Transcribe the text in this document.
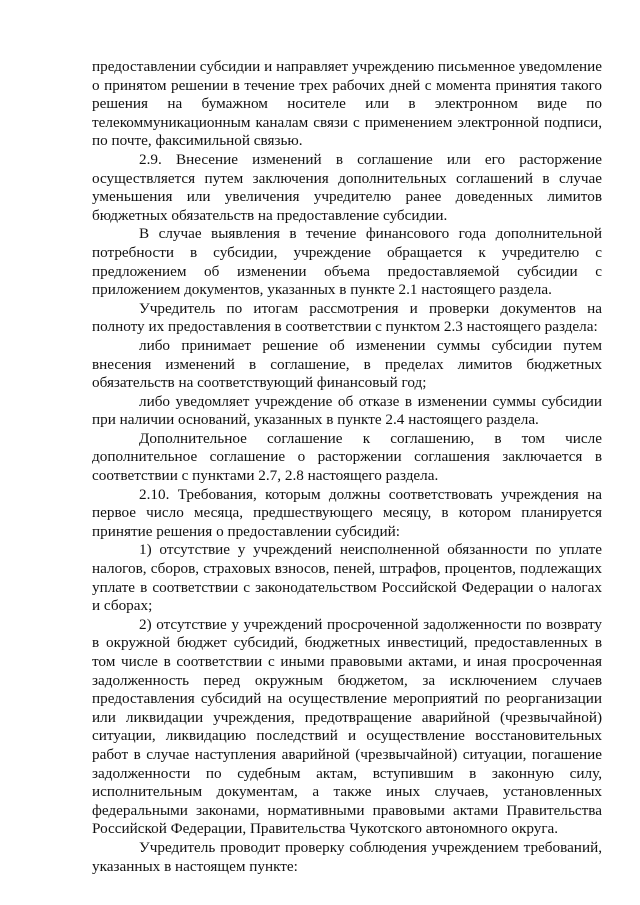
предоставлении субсидии и направляет учреждению письменное уведомление о принятом решении в течение трех рабочих дней с момента принятия такого решения на бумажном носителе или в электронном виде по телекоммуникационным каналам связи с применением электронной подписи, по почте, факсимильной связью.

2.9. Внесение изменений в соглашение или его расторжение осуществляется путем заключения дополнительных соглашений в случае уменьшения или увеличения учредителю ранее доведенных лимитов бюджетных обязательств на предоставление субсидии.

В случае выявления в течение финансового года дополнительной потребности в субсидии, учреждение обращается к учредителю с предложением об изменении объема предоставляемой субсидии с приложением документов, указанных в пункте 2.1 настоящего раздела.

Учредитель по итогам рассмотрения и проверки документов на полноту их предоставления в соответствии с пунктом 2.3 настоящего раздела:

либо принимает решение об изменении суммы субсидии путем внесения изменений в соглашение, в пределах лимитов бюджетных обязательств на соответствующий финансовый год;

либо уведомляет учреждение об отказе в изменении суммы субсидии при наличии оснований, указанных в пункте 2.4 настоящего раздела.

Дополнительное соглашение к соглашению, в том числе дополнительное соглашение о расторжении соглашения заключается в соответствии с пунктами 2.7, 2.8 настоящего раздела.

2.10. Требования, которым должны соответствовать учреждения на первое число месяца, предшествующего месяцу, в котором планируется принятие решения о предоставлении субсидий:

1) отсутствие у учреждений неисполненной обязанности по уплате налогов, сборов, страховых взносов, пеней, штрафов, процентов, подлежащих уплате в соответствии с законодательством Российской Федерации о налогах и сборах;

2) отсутствие у учреждений просроченной задолженности по возврату в окружной бюджет субсидий, бюджетных инвестиций, предоставленных в том числе в соответствии с иными правовыми актами, и иная просроченная задолженность перед окружным бюджетом, за исключением случаев предоставления субсидий на осуществление мероприятий по реорганизации или ликвидации учреждения, предотвращение аварийной (чрезвычайной) ситуации, ликвидацию последствий и осуществление восстановительных работ в случае наступления аварийной (чрезвычайной) ситуации, погашение задолженности по судебным актам, вступившим в законную силу, исполнительным документам, а также иных случаев, установленных федеральными законами, нормативными правовыми актами Правительства Российской Федерации, Правительства Чукотского автономного округа.

Учредитель проводит проверку соблюдения учреждением требований, указанных в настоящем пункте:
